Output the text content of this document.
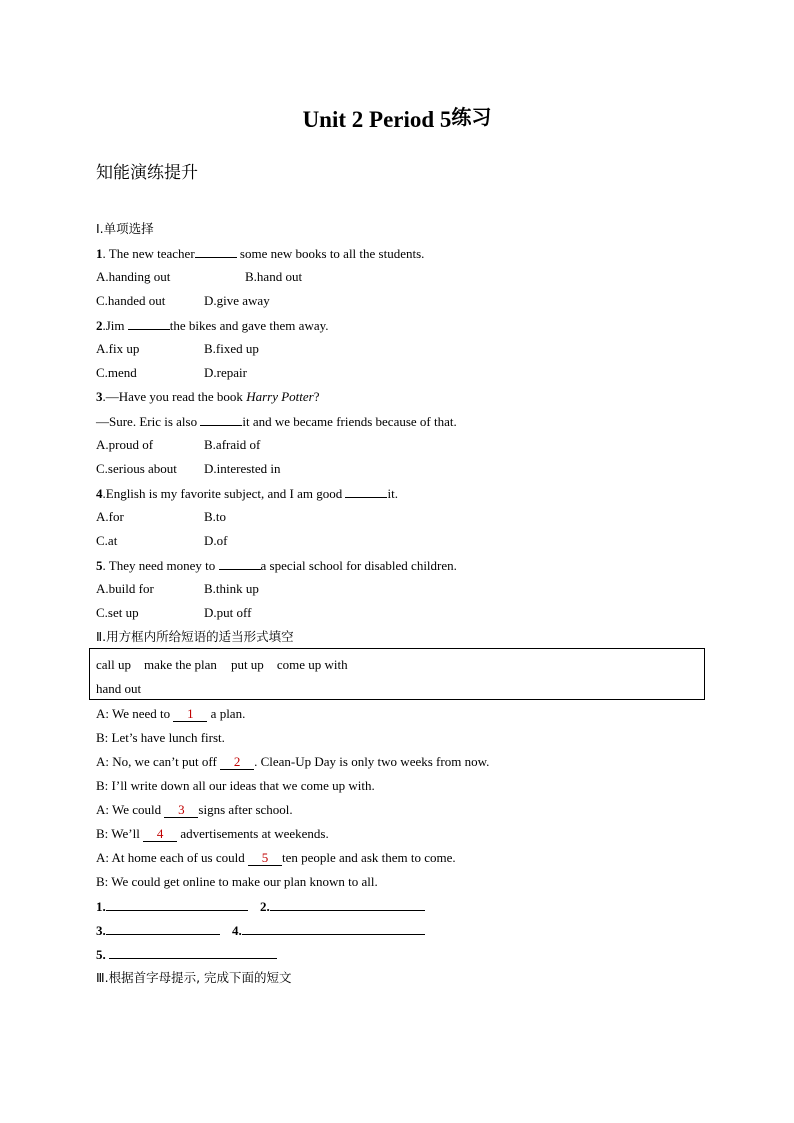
Unit 2 Period 5练习
知能演练提升
Ⅰ.单项选择
1. The new teacher	some new books to all the students.
A.handing out	B.hand out
C.handed out	D.give away
2.Jim	the bikes and gave them away.
A.fix up	B.fixed up
C.mend	D.repair
3.—Have you read the book Harry Potter?
—Sure. Eric is also	it and we became friends because of that.
A.proud of	B.afraid of
C.serious about D.interested in
4.English is my favorite subject, and I am good	it.
A.for	B.to
C.at	D.of
5. They need money to	a special school for disabled children.
A.build for	B.think up
C.set up	D.put off
Ⅱ.用方框内所给短语的适当形式填空
call up make the plan put up come up with
hand out
A: We need to 1 a plan.
B: Let’s have lunch first.
A: No, we can’t put off 2 . Clean-Up Day is only two weeks from now.
B: I’ll write down all our ideas that we come up with.
A: We could 3 signs after school.
B: We’ll 4 advertisements at weekends.
A: At home each of us could 5 ten people and ask them to come.
B: We could get online to make our plan known to all.
1.	2.
3.	4.
5.
Ⅲ.根据首字母提示, 完成下面的短文
